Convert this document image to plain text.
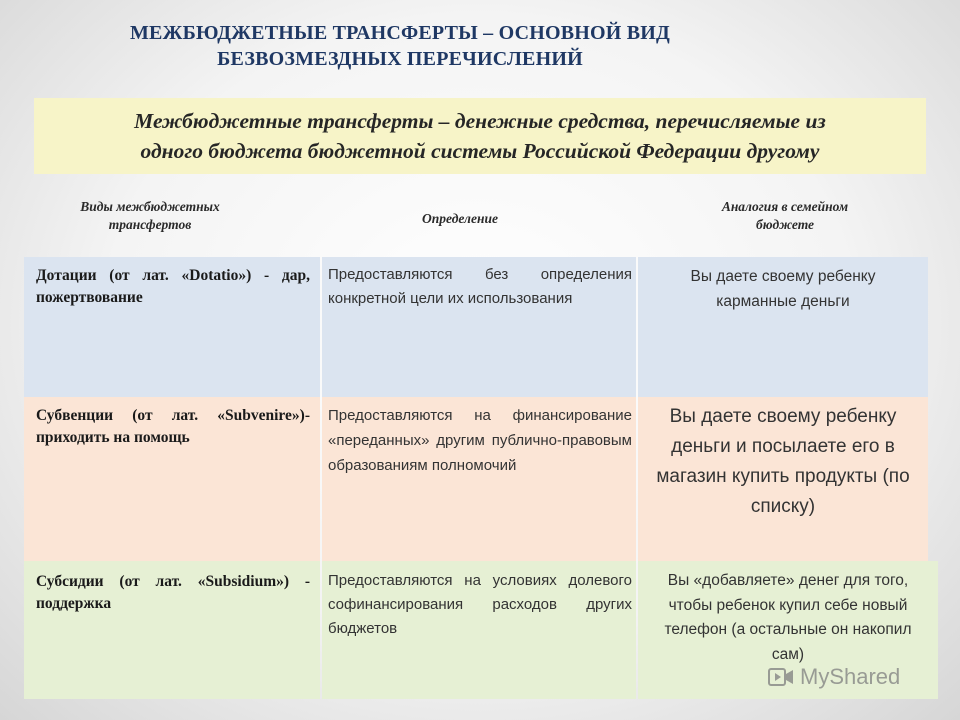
МЕЖБЮДЖЕТНЫЕ ТРАНСФЕРТЫ – ОСНОВНОЙ ВИД
БЕЗВОЗМЕЗДНЫХ ПЕРЕЧИСЛЕНИЙ
Межбюджетные трансферты – денежные средства, перечисляемые из
одного бюджета бюджетной системы Российской Федерации другому
Виды межбюджетных
трансфертов	Определение
Аналогия в семейном
бюджете
Дотации (от лат. «Dotatio») - дар, пожертвование
Предоставляются без определения конкретной цели их использования
Вы даете своему ребенку карманные деньги
Субвенции (от лат. «Subvenire»)- приходить на помощь
Предоставляются на финансирование «переданных» другим публично-правовым образованиям полномочий
Вы даете своему ребенку деньги и посылаете его в магазин купить продукты (по списку)
Субсидии (от лат. «Subsidium») - поддержка
Предоставляются на условиях долевого софинансирования расходов других бюджетов
Вы «добавляете» денег для того, чтобы ребенок купил себе новый телефон (а остальные он накопил сам)
MyShared
